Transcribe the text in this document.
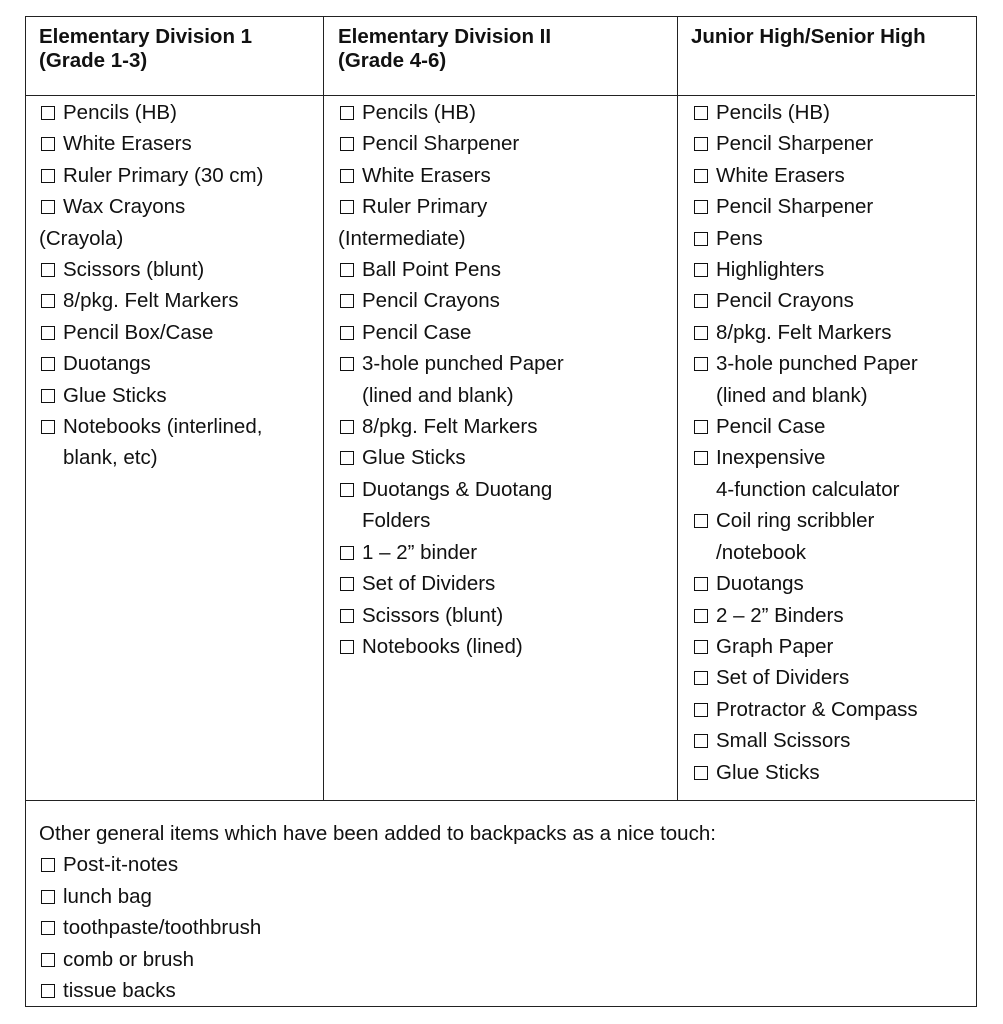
Elementary Division 1
(Grade 1-3)
Elementary Division II
(Grade 4-6)
Junior High/Senior High
Pencils (HB)
White Erasers
Ruler Primary (30 cm)
Wax Crayons
(Crayola)
Scissors (blunt)
8/pkg. Felt Markers
Pencil Box/Case
Duotangs
Glue Sticks
Notebooks (interlined,
blank, etc)
Pencils (HB)
Pencil Sharpener
White Erasers
Ruler Primary
(Intermediate)
Ball Point Pens
Pencil Crayons
Pencil Case
3-hole punched Paper
(lined and blank)
8/pkg. Felt Markers
Glue Sticks
Duotangs & Duotang
Folders
1 – 2” binder
Set of Dividers
Scissors (blunt)
Notebooks (lined)
Pencils (HB)
Pencil Sharpener
White Erasers
Pencil Sharpener
Pens
Highlighters
Pencil Crayons
8/pkg. Felt Markers
3-hole punched Paper
(lined and blank)
Pencil Case
Inexpensive
4-function calculator
Coil ring scribbler
/notebook
Duotangs
2 – 2” Binders
Graph Paper
Set of Dividers
Protractor & Compass
Small Scissors
Glue Sticks
Other general items which have been added to backpacks as a nice touch:
Post-it-notes
lunch bag
toothpaste/toothbrush
comb or brush
tissue backs
